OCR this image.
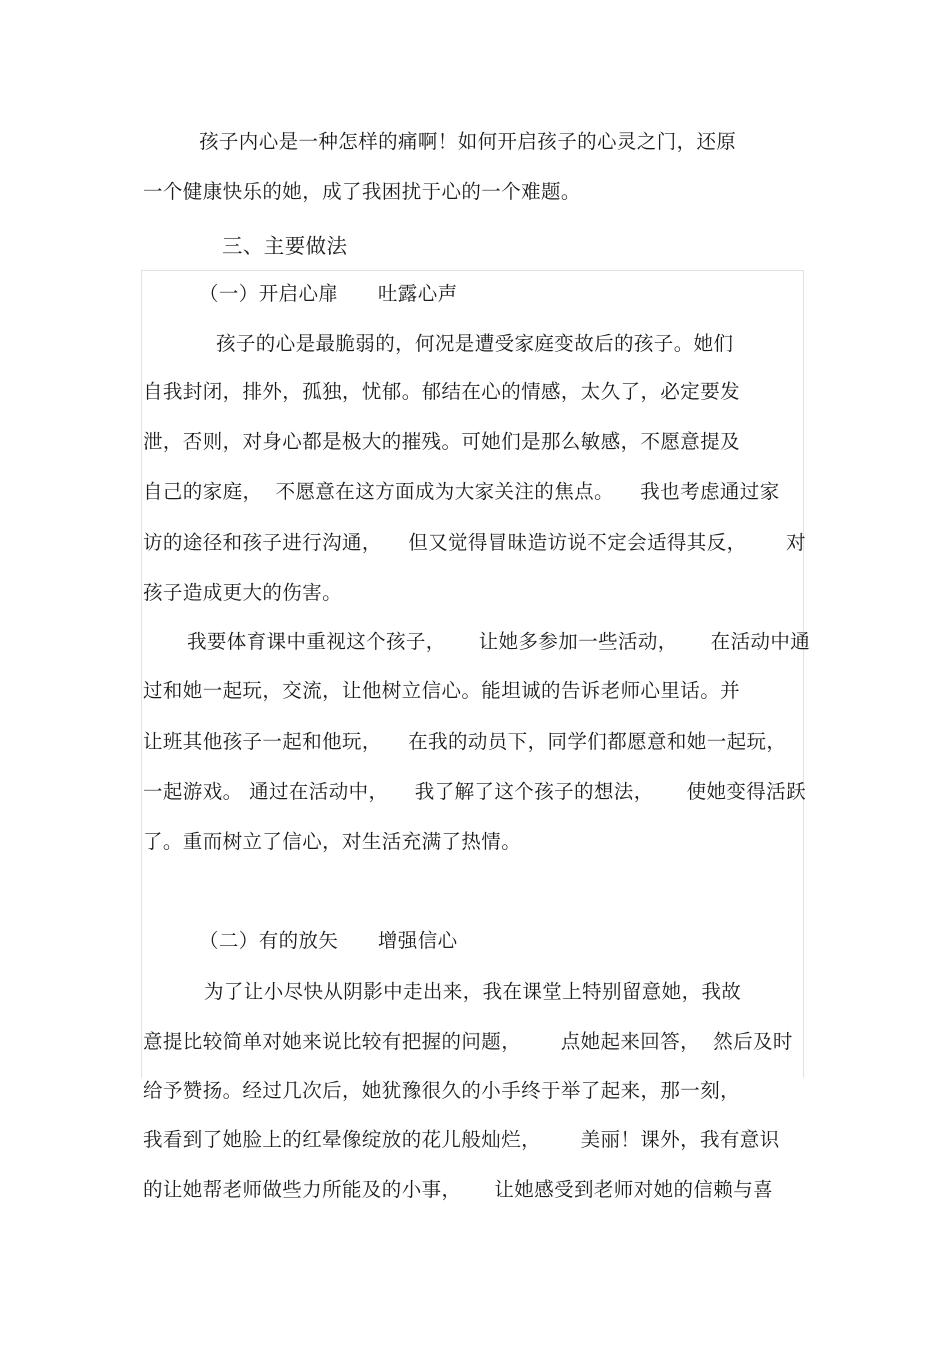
孩子内心是一种怎样的痛啊！如何开启孩子的心灵之门，还原
一个健康快乐的她，成了我困扰于心的一个难题。
三、主要做法
（一）开启心扉      吐露心声
孩子的心是最脆弱的，何况是遭受家庭变故后的孩子。她们
自我封闭，排外，孤独，忧郁。郁结在心的情感，太久了，必定要发
泄，否则，对身心都是极大的摧残。可她们是那么敏感，不愿意提及
自己的家庭，  不愿意在这方面成为大家关注的焦点。    我也考虑通过家
访的途径和孩子进行沟通，    但又觉得冒昧造访说不定会适得其反，      对
孩子造成更大的伤害。
我要体育课中重视这个孩子，     让她多参加一些活动，     在活动中通
过和她一起玩，交流，让他树立信心。能坦诚的告诉老师心里话。并
让班其他孩子一起和他玩，    在我的动员下，同学们都愿意和她一起玩，
一起游戏。 通过在活动中，    我了解了这个孩子的想法，     使她变得活跃
了。重而树立了信心，对生活充满了热情。
（二）有的放矢      增强信心
为了让小尽快从阴影中走出来，我在课堂上特别留意她，我故
意提比较简单对她来说比较有把握的问题，      点她起来回答，  然后及时
给予赞扬。经过几次后，她犹豫很久的小手终于举了起来，那一刻，
我看到了她脸上的红晕像绽放的花儿般灿烂，      美丽！课外，我有意识
的让她帮老师做些力所能及的小事，     让她感受到老师对她的信赖与喜
